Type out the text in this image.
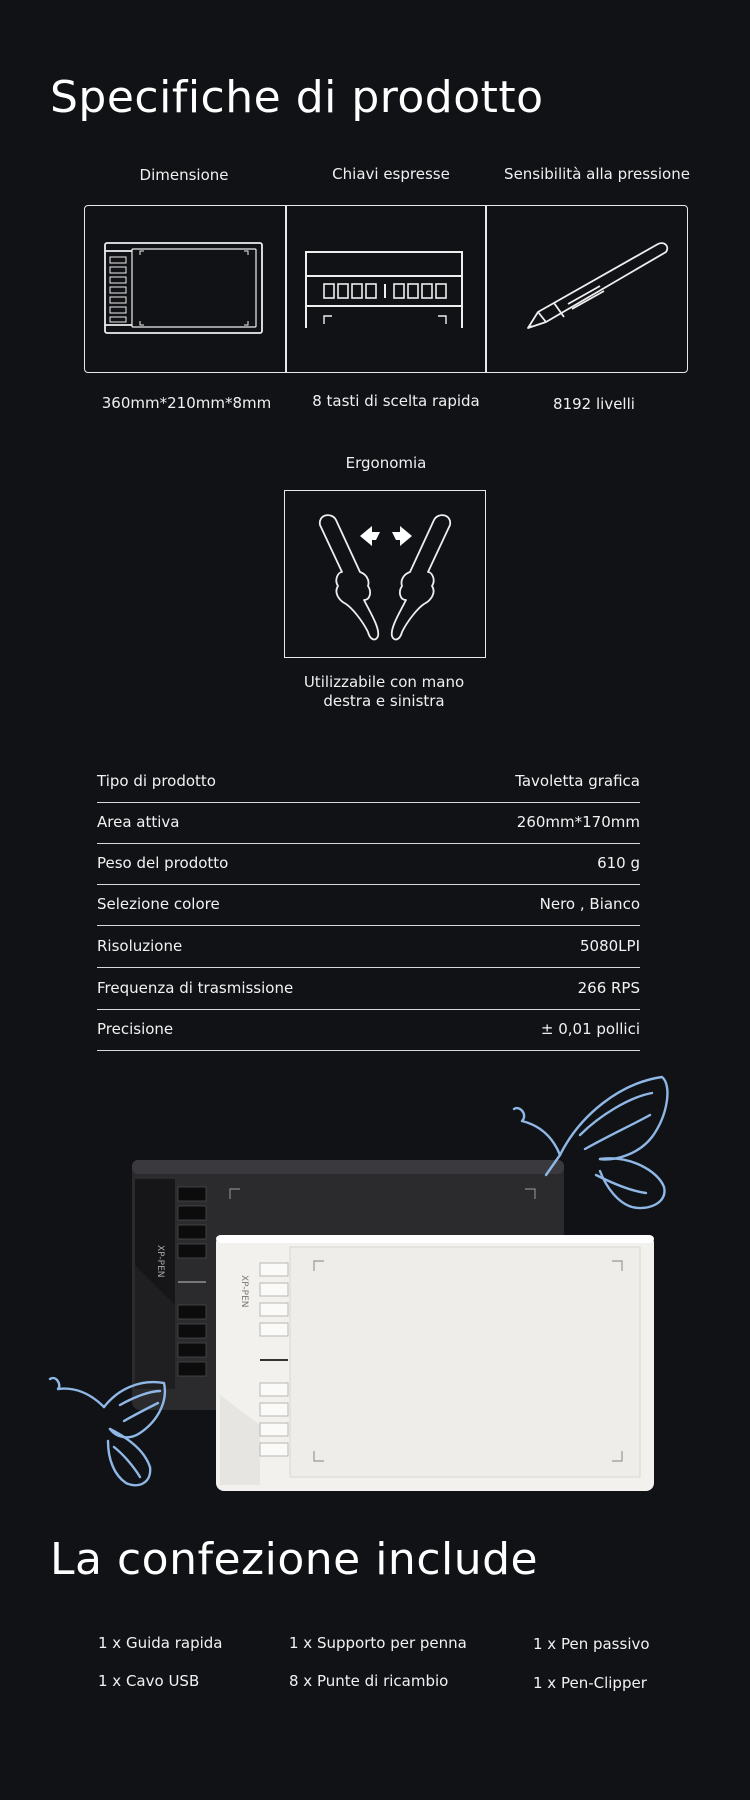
Specifiche di prodotto
Dimensione	Chiavi espresse	Sensibilità alla pressione
360mm*210mm*8mm	8 tasti di scelta rapida	8192 livelli
Ergonomia
Utilizzabile con mano
destra e sinistra
Tipo di prodotto	Tavoletta grafica
Area attiva	260mm*170mm
Peso del prodotto	610 g
Selezione colore	Nero , Bianco
Risoluzione	5080LPI
Frequenza di trasmissione	266 RPS
Precisione	± 0,01 pollici
XP-PEN
XP-PEN
La confezione include
1 x Guida rapida	1 x Supporto per penna	1 x Pen passivo
1 x Cavo USB	8 x Punte di ricambio	1 x Pen-Clipper
